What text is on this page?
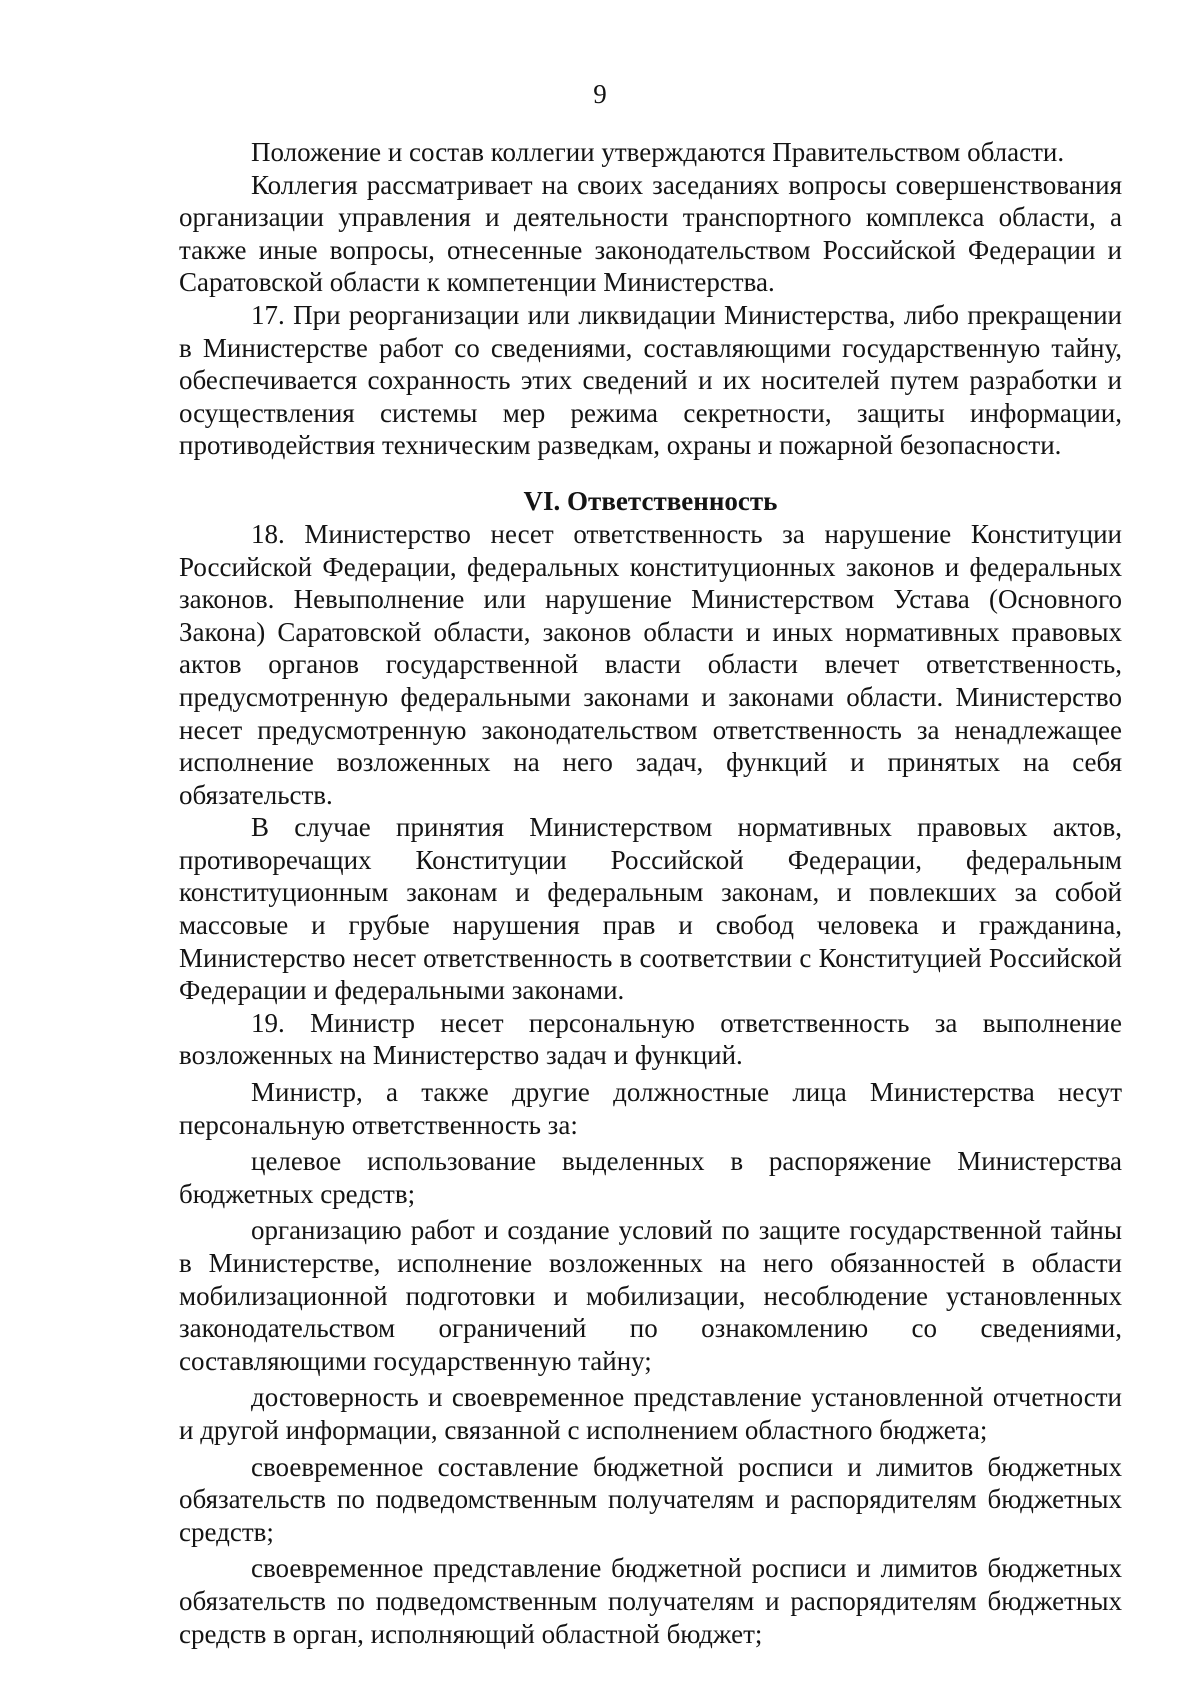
9

Положение и состав коллегии утверждаются Правительством области.

Коллегия рассматривает на своих заседаниях вопросы совершенствования организации управления и деятельности транспортного комплекса области, а также иные вопросы, отнесенные законодательством Российской Федерации и Саратовской области к компетенции Министерства.

17. При реорганизации или ликвидации Министерства, либо прекращении в Министерстве работ со сведениями, составляющими государственную тайну, обеспечивается сохранность этих сведений и их носителей путем разработки и осуществления системы мер режима секретности, защиты информации, противодействия техническим разведкам, охраны и пожарной безопасности.

VI. Ответственность

18. Министерство несет ответственность за нарушение Конституции Российской Федерации, федеральных конституционных законов и федеральных законов. Невыполнение или нарушение Министерством Устава (Основного Закона) Саратовской области, законов области и иных нормативных правовых актов органов государственной власти области влечет ответственность, предусмотренную федеральными законами и законами области. Министерство несет предусмотренную законодательством ответственность за ненадлежащее исполнение возложенных на него задач, функций и принятых на себя обязательств.

В случае принятия Министерством нормативных правовых актов, противоречащих Конституции Российской Федерации, федеральным конституционным законам и федеральным законам, и повлекших за собой массовые и грубые нарушения прав и свобод человека и гражданина, Министерство несет ответственность в соответствии с Конституцией Российской Федерации и федеральными законами.

19. Министр несет персональную ответственность за выполнение возложенных на Министерство задач и функций.

Министр, а также другие должностные лица Министерства несут персональную ответственность за:

целевое использование выделенных в распоряжение Министерства бюджетных средств;

организацию работ и создание условий по защите государственной тайны в Министерстве, исполнение возложенных на него обязанностей в области мобилизационной подготовки и мобилизации, несоблюдение установленных законодательством ограничений по ознакомлению со сведениями, составляющими государственную тайну;

достоверность и своевременное представление установленной отчетности и другой информации, связанной с исполнением областного бюджета;

своевременное составление бюджетной росписи и лимитов бюджетных обязательств по подведомственным получателям и распорядителям бюджетных средств;

своевременное представление бюджетной росписи и лимитов бюджетных обязательств по подведомственным получателям и распорядителям бюджетных средств в орган, исполняющий областной бюджет;
